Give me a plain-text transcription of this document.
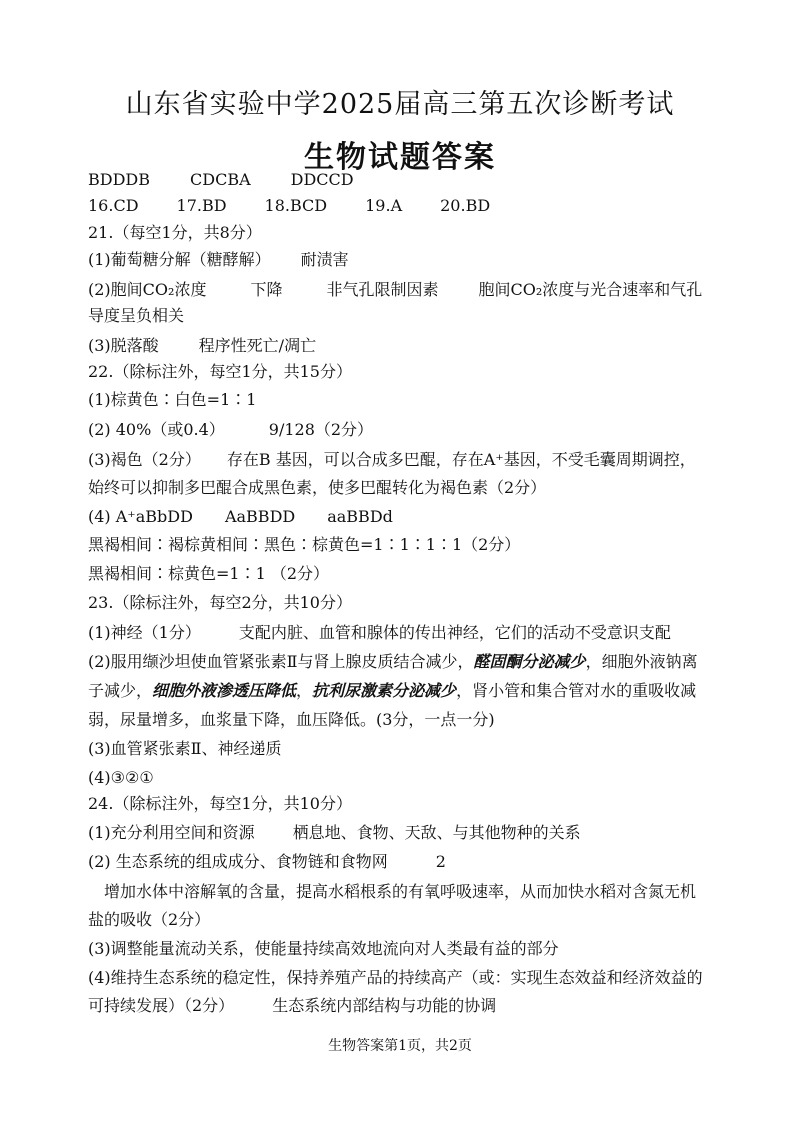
山东省实验中学2025届高三第五次诊断考试
生物试题答案
BDDDB	CDCBA	DDCCD
16.CD 17.BD 18.BCD 19.A 20.BD
21.（每空1分，共8分）
(1)葡萄糖分解（糖酵解） 耐渍害
(2)胞间CO₂浓度	下降	非气孔限制因素	胞间CO₂浓度与光合速率和气孔
导度呈负相关
(3)脱落酸	程序性死亡/凋亡
22.（除标注外，每空1分，共15分）
(1)棕黄色∶白色=1∶1
(2) 40%（或0.4）	9/128（2分）
(3)褐色（2分） 存在B 基因，可以合成多巴醌，存在A⁺基因，不受毛囊周期调控，
始终可以抑制多巴醌合成黑色素，使多巴醌转化为褐色素（2分）
(4) A⁺aBbDD AaBBDD aaBBDd
黑褐相间∶褐棕黄相间∶黑色∶棕黄色=1∶1∶1∶1（2分）
黑褐相间∶棕黄色=1∶1 （2分）
23.（除标注外，每空2分，共10分）
(1)神经（1分） 支配内脏、血管和腺体的传出神经，它们的活动不受意识支配
(2)服用缬沙坦使血管紧张素Ⅱ与肾上腺皮质结合减少，醛固酮分泌减少，细胞外液钠离
子减少，细胞外液渗透压降低，抗利尿激素分泌减少，肾小管和集合管对水的重吸收减
弱，尿量增多，血浆量下降，血压降低。(3分，一点一分)
(3)血管紧张素Ⅱ、神经递质
(4)③②①
24.（除标注外，每空1分，共10分）
(1)充分利用空间和资源 栖息地、食物、天敌、与其他物种的关系
(2) 生态系统的组成成分、食物链和食物网	2
增加水体中溶解氧的含量，提高水稻根系的有氧呼吸速率，从而加快水稻对含氮无机
盐的吸收（2分）
(3)调整能量流动关系，使能量持续高效地流向对人类最有益的部分
(4)维持生态系统的稳定性，保持养殖产品的持续高产（或：实现生态效益和经济效益的
可持续发展）（2分） 生态系统内部结构与功能的协调
生物答案第1页，共2页
